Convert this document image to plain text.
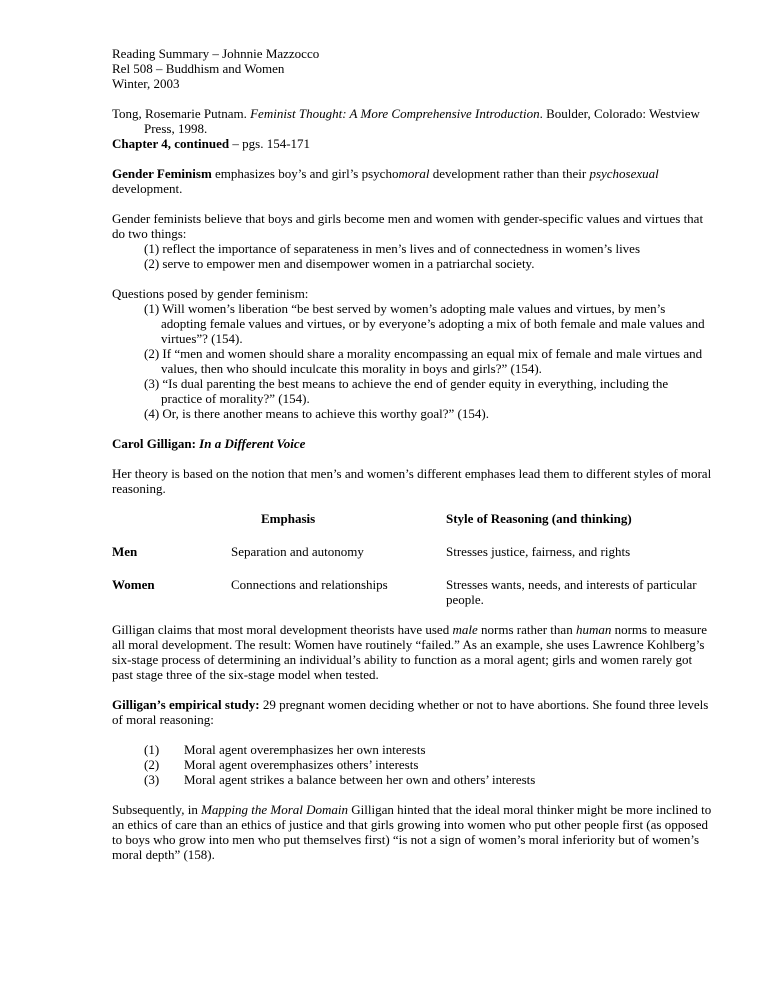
Reading Summary – Johnnie Mazzocco

Rel 508 – Buddhism and Women

Winter, 2003

Tong, Rosemarie Putnam. Feminist Thought: A More Comprehensive Introduction. Boulder, Colorado: Westview Press, 1998.

Chapter 4, continued – pgs. 154-171

Gender Feminism emphasizes boy’s and girl’s psychomoral development rather than their psychosexual development.

Gender feminists believe that boys and girls become men and women with gender-specific values and virtues that do two things:

(1) reflect the importance of separateness in men’s lives and of connectedness in women’s lives

(2) serve to empower men and disempower women in a patriarchal society.

Questions posed by gender feminism:

(1) Will women’s liberation “be best served by women’s adopting male values and virtues, by men’s adopting female values and virtues, or by everyone’s adopting a mix of both female and male values and virtues”? (154).

(2) If “men and women should share a morality encompassing an equal mix of female and male virtues and values, then who should inculcate this morality in boys and girls?” (154).

(3) “Is dual parenting the best means to achieve the end of gender equity in everything, including the practice of morality?” (154).

(4) Or, is there another means to achieve this worthy goal?” (154).

Carol Gilligan: In a Different Voice

Her theory is based on the notion that men’s and women’s different emphases lead them to different styles of moral reasoning.

	Emphasis	Style of Reasoning (and thinking)

Men	Separation and autonomy	Stresses justice, fairness, and rights

Women	Connections and relationships	Stresses wants, needs, and interests of particular people.

Gilligan claims that most moral development theorists have used male norms rather than human norms to measure all moral development. The result: Women have routinely “failed.” As an example, she uses Lawrence Kohlberg’s six-stage process of determining an individual’s ability to function as a moral agent; girls and women rarely got past stage three of the six-stage model when tested.

Gilligan’s empirical study: 29 pregnant women deciding whether or not to have abortions. She found three levels of moral reasoning:

(1)	Moral agent overemphasizes her own interests
(2)	Moral agent overemphasizes others’ interests
(3)	Moral agent strikes a balance between her own and others’ interests

Subsequently, in Mapping the Moral Domain Gilligan hinted that the ideal moral thinker might be more inclined to an ethics of care than an ethics of justice and that girls growing into women who put other people first (as opposed to boys who grow into men who put themselves first) “is not a sign of women’s moral inferiority but of women’s moral depth” (158).
